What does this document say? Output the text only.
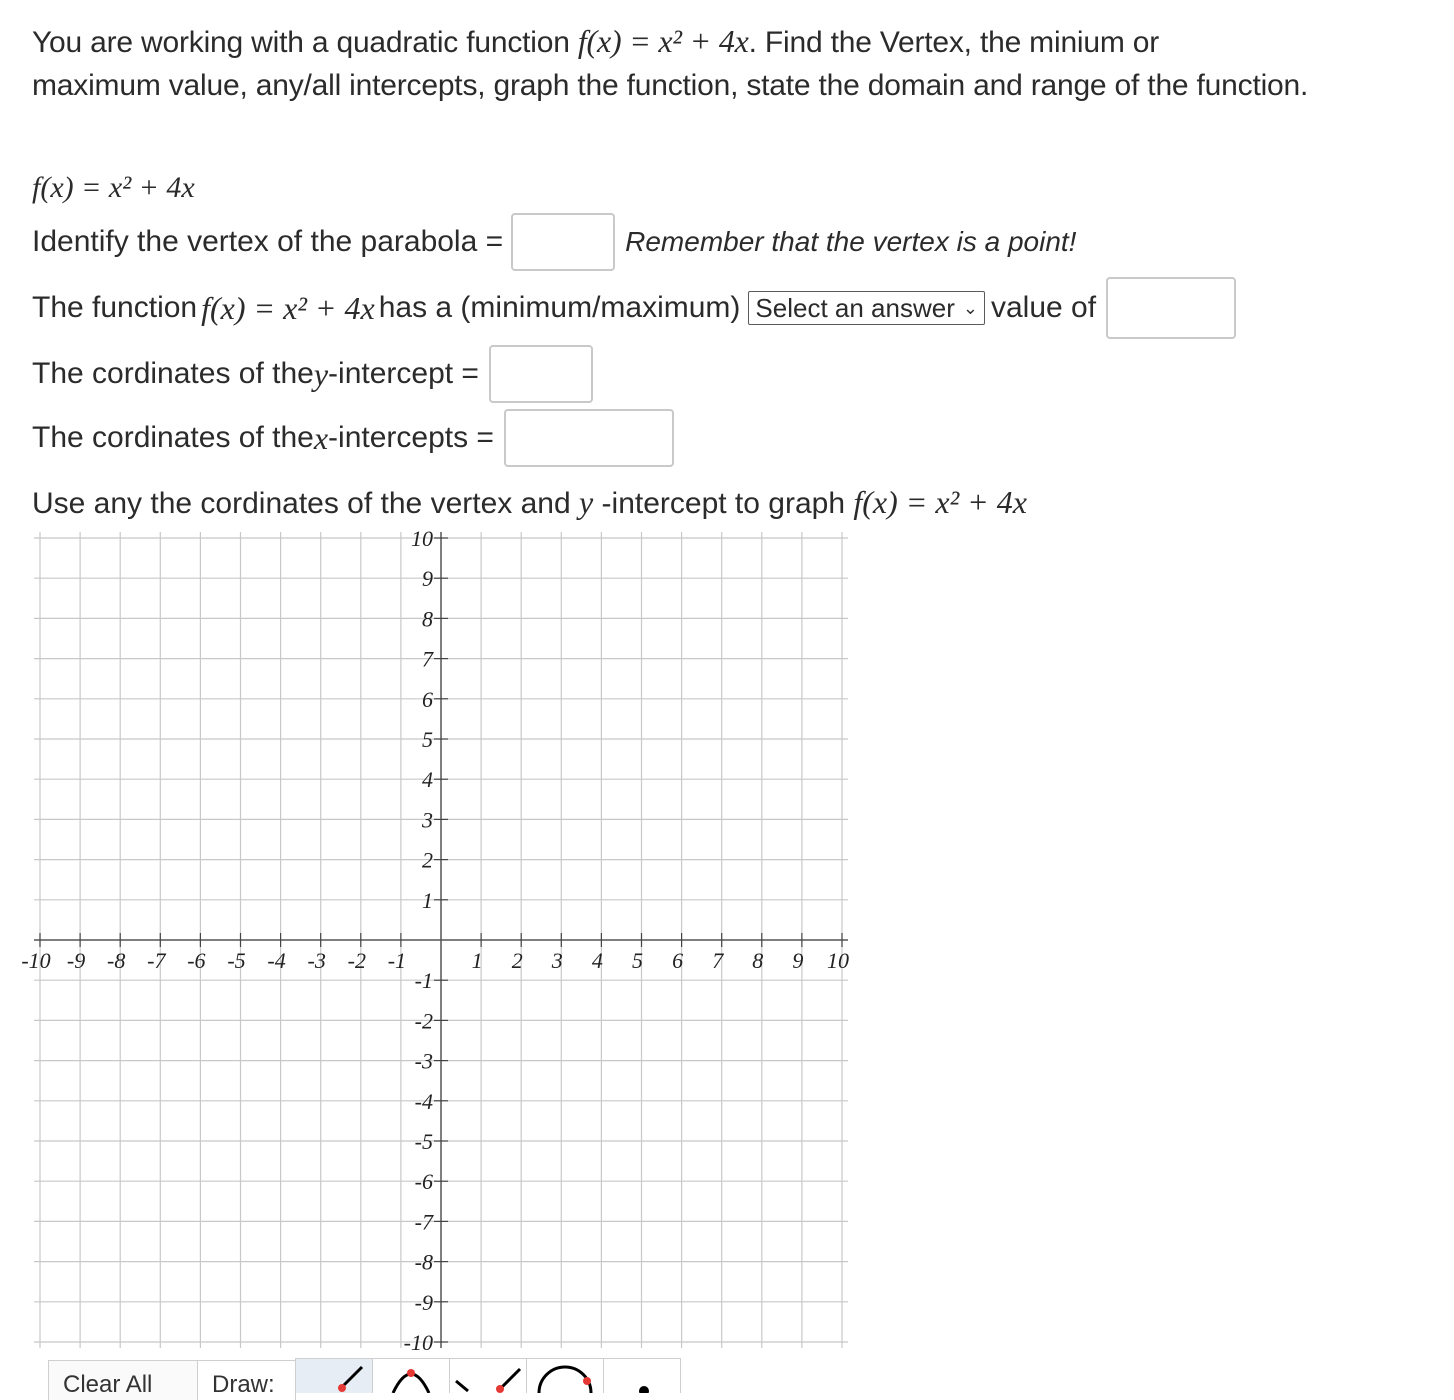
You are working with a quadratic function f(x) = x² + 4x. Find the Vertex, the minium or
maximum value, any/all intercepts, graph the function, state the domain and range of the function.
f(x) = x² + 4x
Identify the vertex of the parabola =	Remember that the vertex is a point!
The function f(x) = x² + 4x has a (minimum/maximum) Select an answer ⌄ value of
The cordinates of the y -intercept =
The cordinates of the x -intercepts =
Use any the cordinates of the vertex and y -intercept to graph f(x) = x² + 4x
-10 -9 -8 -7 -6 -5 -4 -3 -2 -1	1 2 3 4 5 6 7 8 9 10
10
9
8
7
6
5
4
3
2
1
-1
-2
-3
-4
-5
-6
-7
-8
-9
-10
Clear All	Draw:
